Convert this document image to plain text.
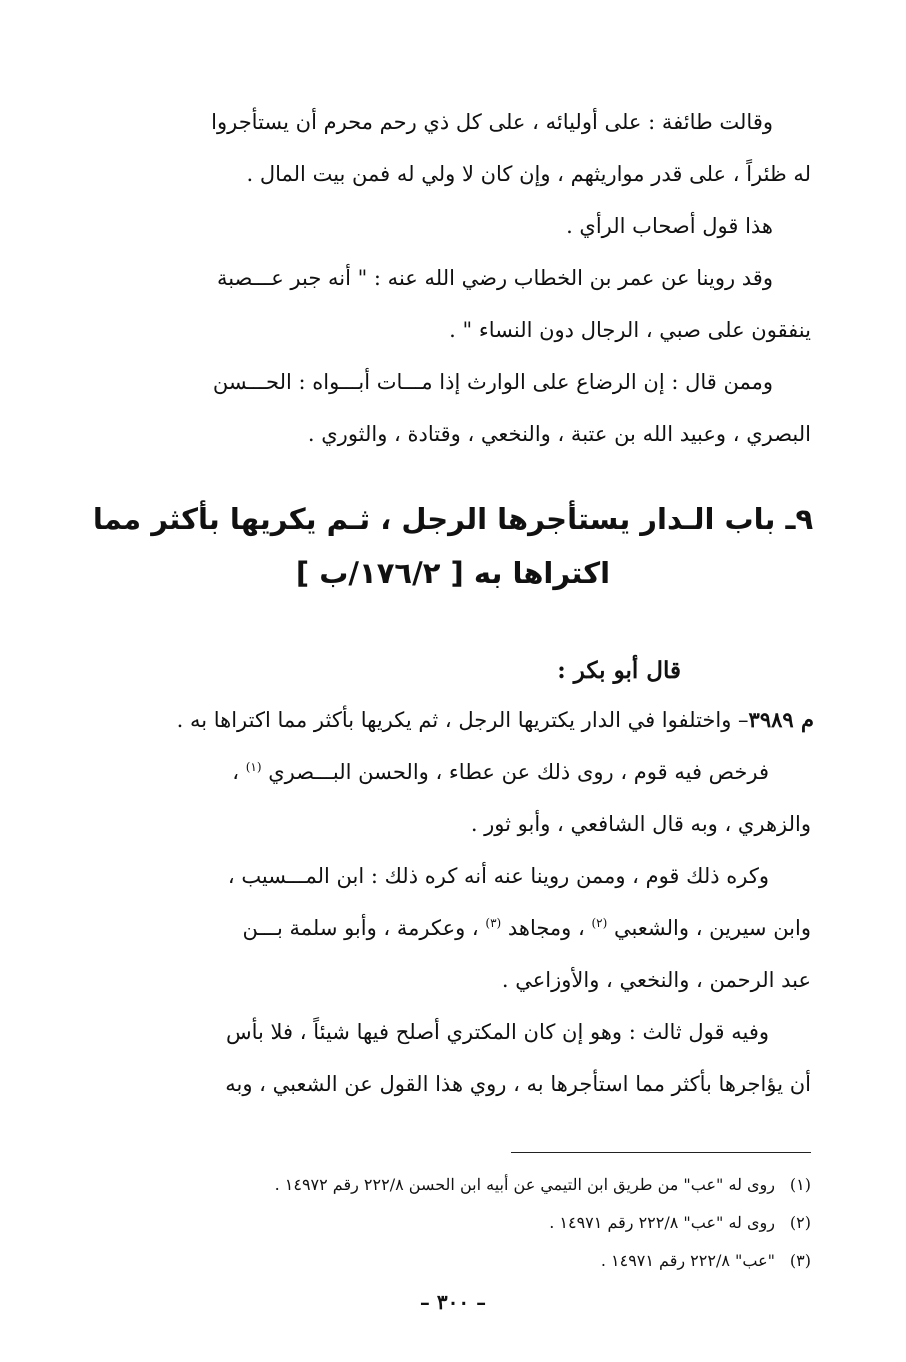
وقالت طائفة : على أوليائه ، على كل ذي رحم محرم أن يستأجروا
له ظئراً ، على قدر مواريثهم ، وإن كان لا ولي له فمن بيت المال .
هذا قول أصحاب الرأي .
وقد روينا عن عمر بن الخطاب رضي الله عنه : " أنه جبر عـــصبة
ينفقون على صبي ، الرجال دون النساء " .
وممن قال : إن الرضاع على الوارث إذا مـــات أبـــواه : الحـــسن
البصري ، وعبيد الله بن عتبة ، والنخعي ، وقتادة ، والثوري .
٩ـ باب الـدار يستأجرها الرجل ، ثـم يكريها بأكثر مما
اكتراها به [ ١٧٦/٢/ب ]
قال أبو بكر :
م ٣٩٨٩– واختلفوا في الدار يكتريها الرجل ، ثم يكريها بأكثر مما اكتراها به .
فرخص فيه قوم ، روى ذلك عن عطاء ، والحسن البـــصري $^{(١)}$ ،
والزهري ، وبه قال الشافعي ، وأبو ثور .
وكره ذلك قوم ، وممن روينا عنه أنه كره ذلك : ابن المـــسيب ،
وابن سيرين ، والشعبي $^{(٢)}$ ، ومجاهد $^{(٣)}$ ، وعكرمة ، وأبو سلمة بـــن
عبد الرحمن ، والنخعي ، والأوزاعي .
وفيه قول ثالث : وهو إن كان المكتري أصلح فيها شيئاً ، فلا بأس
أن يؤاجرها بأكثر مما استأجرها به ، روي هذا القول عن الشعبي ، وبه
(١)روى له "عب" من طريق ابن التيمي عن أبيه ابن الحسن ٢٢٢/٨ رقم ١٤٩٧٢ .
(٢)روى له "عب" ٢٢٢/٨ رقم ١٤٩٧١ .
(٣)"عب" ٢٢٢/٨ رقم ١٤٩٧١ .
– ٣٠٠ –
